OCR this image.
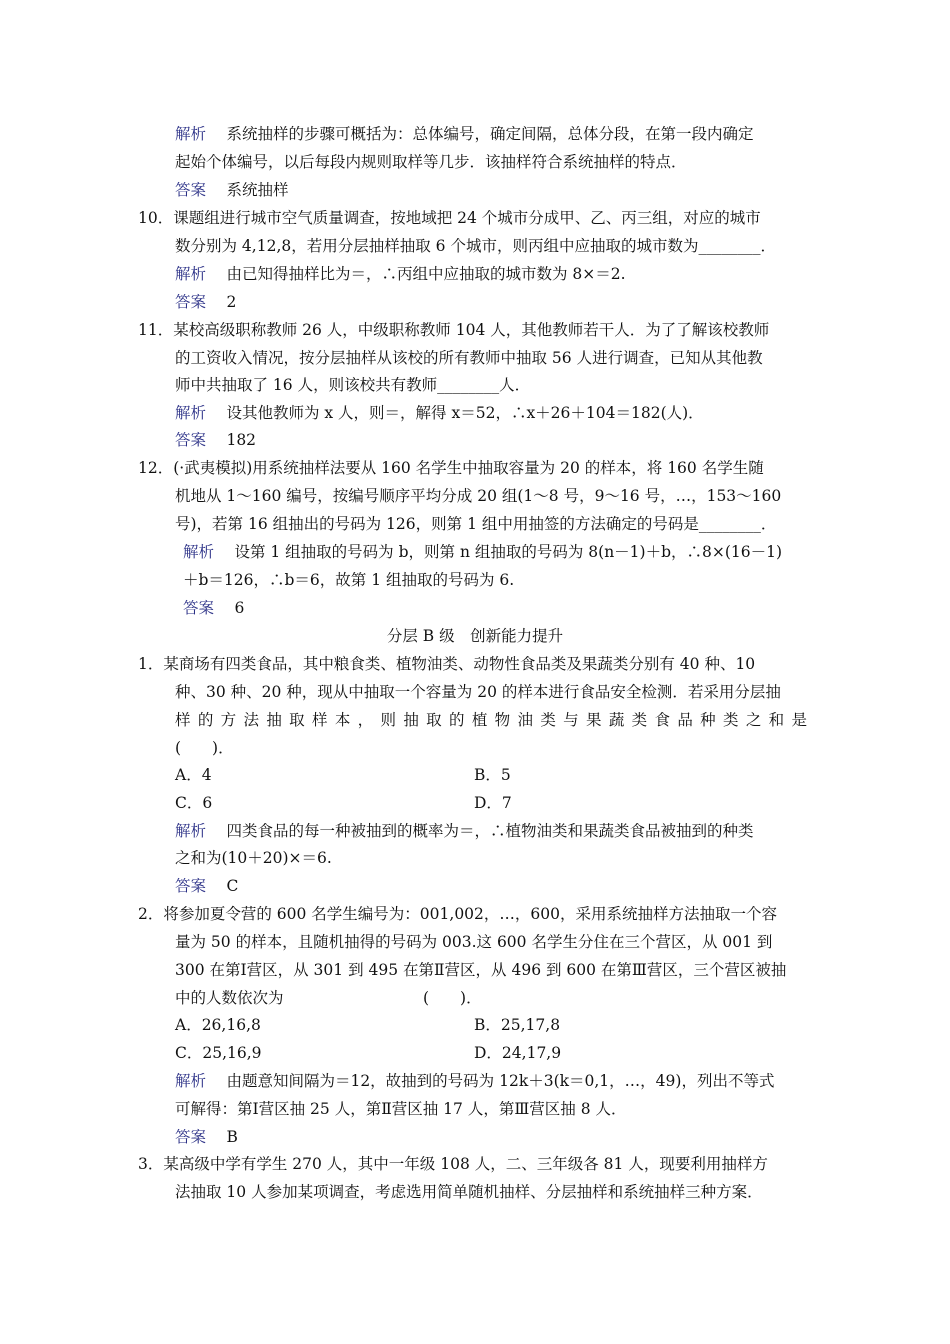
解析　 系统抽样的步骤可概括为：总体编号，确定间隔，总体分段，在第一段内确定
起始个体编号，以后每段内规则取样等几步．该抽样符合系统抽样的特点．
答案　 系统抽样
10．课题组进行城市空气质量调查，按地域把 24 个城市分成甲、乙、丙三组，对应的城市
数分别为 4,12,8，若用分层抽样抽取 6 个城市，则丙组中应抽取的城市数为________．
解析　 由已知得抽样比为＝，∴丙组中应抽取的城市数为 8×＝2.
答案　 2
11．某校高级职称教师 26 人，中级职称教师 104 人，其他教师若干人．为了了解该校教师
的工资收入情况，按分层抽样从该校的所有教师中抽取 56 人进行调查，已知从其他教
师中共抽取了 16 人，则该校共有教师________人．
解析　 设其他教师为 x 人，则＝，解得 x＝52，∴x＋26＋104＝182(人)．
答案　 182
12．(·武夷模拟)用系统抽样法要从 160 名学生中抽取容量为 20 的样本，将 160 名学生随
机地从 1～160 编号，按编号顺序平均分成 20 组(1～8 号，9～16 号，…，153～160
号)，若第 16 组抽出的号码为 126，则第 1 组中用抽签的方法确定的号码是________．
解析　 设第 1 组抽取的号码为 b，则第 n 组抽取的号码为 8(n－1)＋b，∴8×(16－1)
＋b＝126，∴b＝6，故第 1 组抽取的号码为 6.
答案　 6
分层 B 级　创新能力提升
1．某商场有四类食品，其中粮食类、植物油类、动物性食品类及果蔬类分别有 40 种、10
种、30 种、20 种，现从中抽取一个容量为 20 的样本进行食品安全检测．若采用分层抽
样 的 方 法 抽 取 样 本 ， 则 抽 取 的 植 物 油 类 与 果 蔬 类 食 品 种 类 之 和 是
(　　)．
A．4	B．5
C．6	D．7
解析　 四类食品的每一种被抽到的概率为＝，∴植物油类和果蔬类食品被抽到的种类
之和为(10＋20)×＝6.
答案　 C
2．将参加夏令营的 600 名学生编号为：001,002，…，600，采用系统抽样方法抽取一个容
量为 50 的样本，且随机抽得的号码为 003.这 600 名学生分住在三个营区，从 001 到
300 在第Ⅰ营区，从 301 到 495 在第Ⅱ营区，从 496 到 600 在第Ⅲ营区，三个营区被抽
中的人数依次为　　　　　　　　　(　　)．
A．26,16,8	B．25,17,8
C．25,16,9	D．24,17,9
解析　 由题意知间隔为＝12，故抽到的号码为 12k＋3(k＝0,1，…，49)，列出不等式
可解得：第Ⅰ营区抽 25 人，第Ⅱ营区抽 17 人，第Ⅲ营区抽 8 人．
答案　 B
3．某高级中学有学生 270 人，其中一年级 108 人，二、三年级各 81 人，现要利用抽样方
法抽取 10 人参加某项调查，考虑选用简单随机抽样、分层抽样和系统抽样三种方案．
